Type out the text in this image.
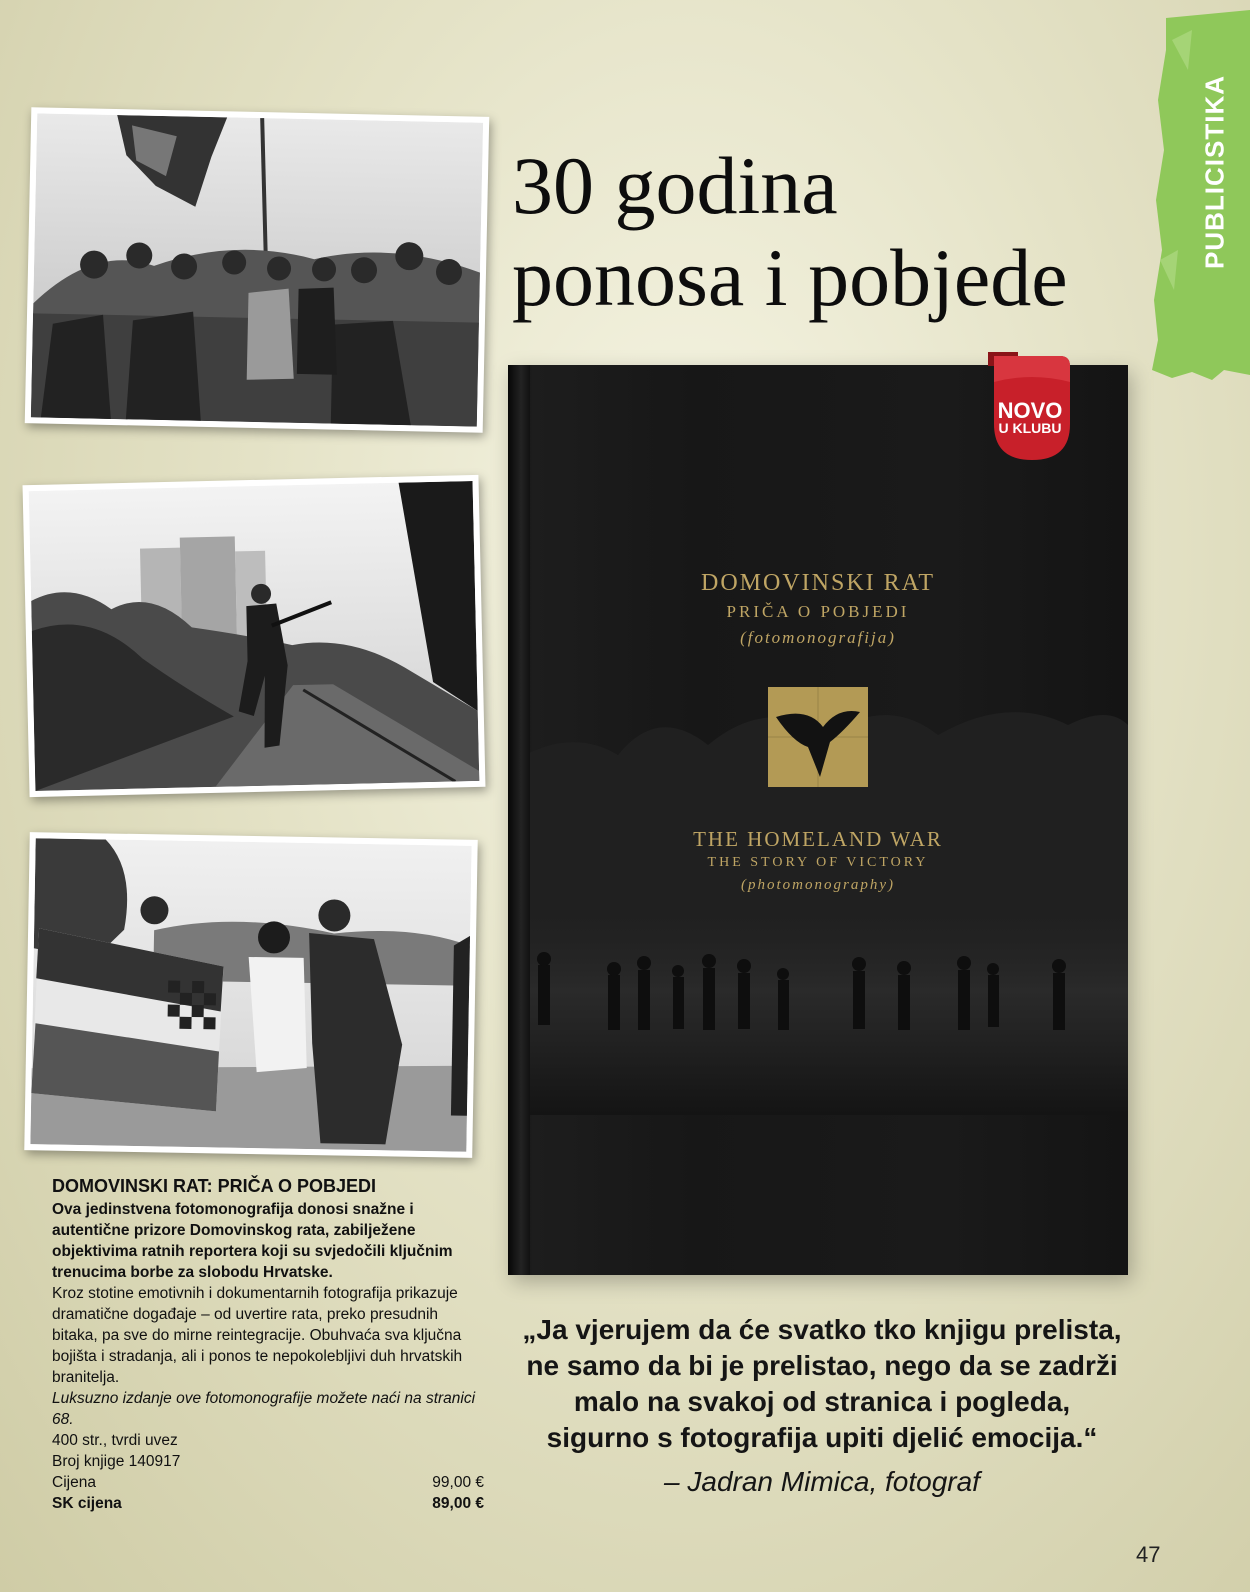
30 godina
ponosa i pobjede
PUBLICISTIKA
DOMOVINSKI RAT
PRIČA O POBJEDI
(fotomonografija)
THE HOMELAND WAR
THE STORY OF VICTORY
(photomonography)
NOVO
U KLUBU
DOMOVINSKI RAT: PRIČA O POBJEDI
Ova jedinstvena fotomonografija donosi snažne i autentične prizore Domovinskog rata, zabilježene objektivima ratnih reportera koji su svjedočili ključnim trenucima borbe za slobodu Hrvatske.
Kroz stotine emotivnih i dokumentarnih fotografija prikazuje dramatične događaje – od uvertire rata, preko presudnih bitaka, pa sve do mirne reintegracije. Obuhvaća sva ključna bojišta i stradanja, ali i ponos te nepokolebljivi duh hrvatskih branitelja.
Luksuzno izdanje ove fotomonografije možete naći na stranici 68.
400 str., tvrdi uvez
Broj knjige 140917
Cijena	99,00 €
SK cijena	89,00 €
„Ja vjerujem da će svatko tko knjigu prelista, ne samo da bi je prelistao, nego da se zadrži malo na svakoj od stranica i pogleda, sigurno s fotografija upiti djelić emocija.“
– Jadran Mimica, fotograf
47
